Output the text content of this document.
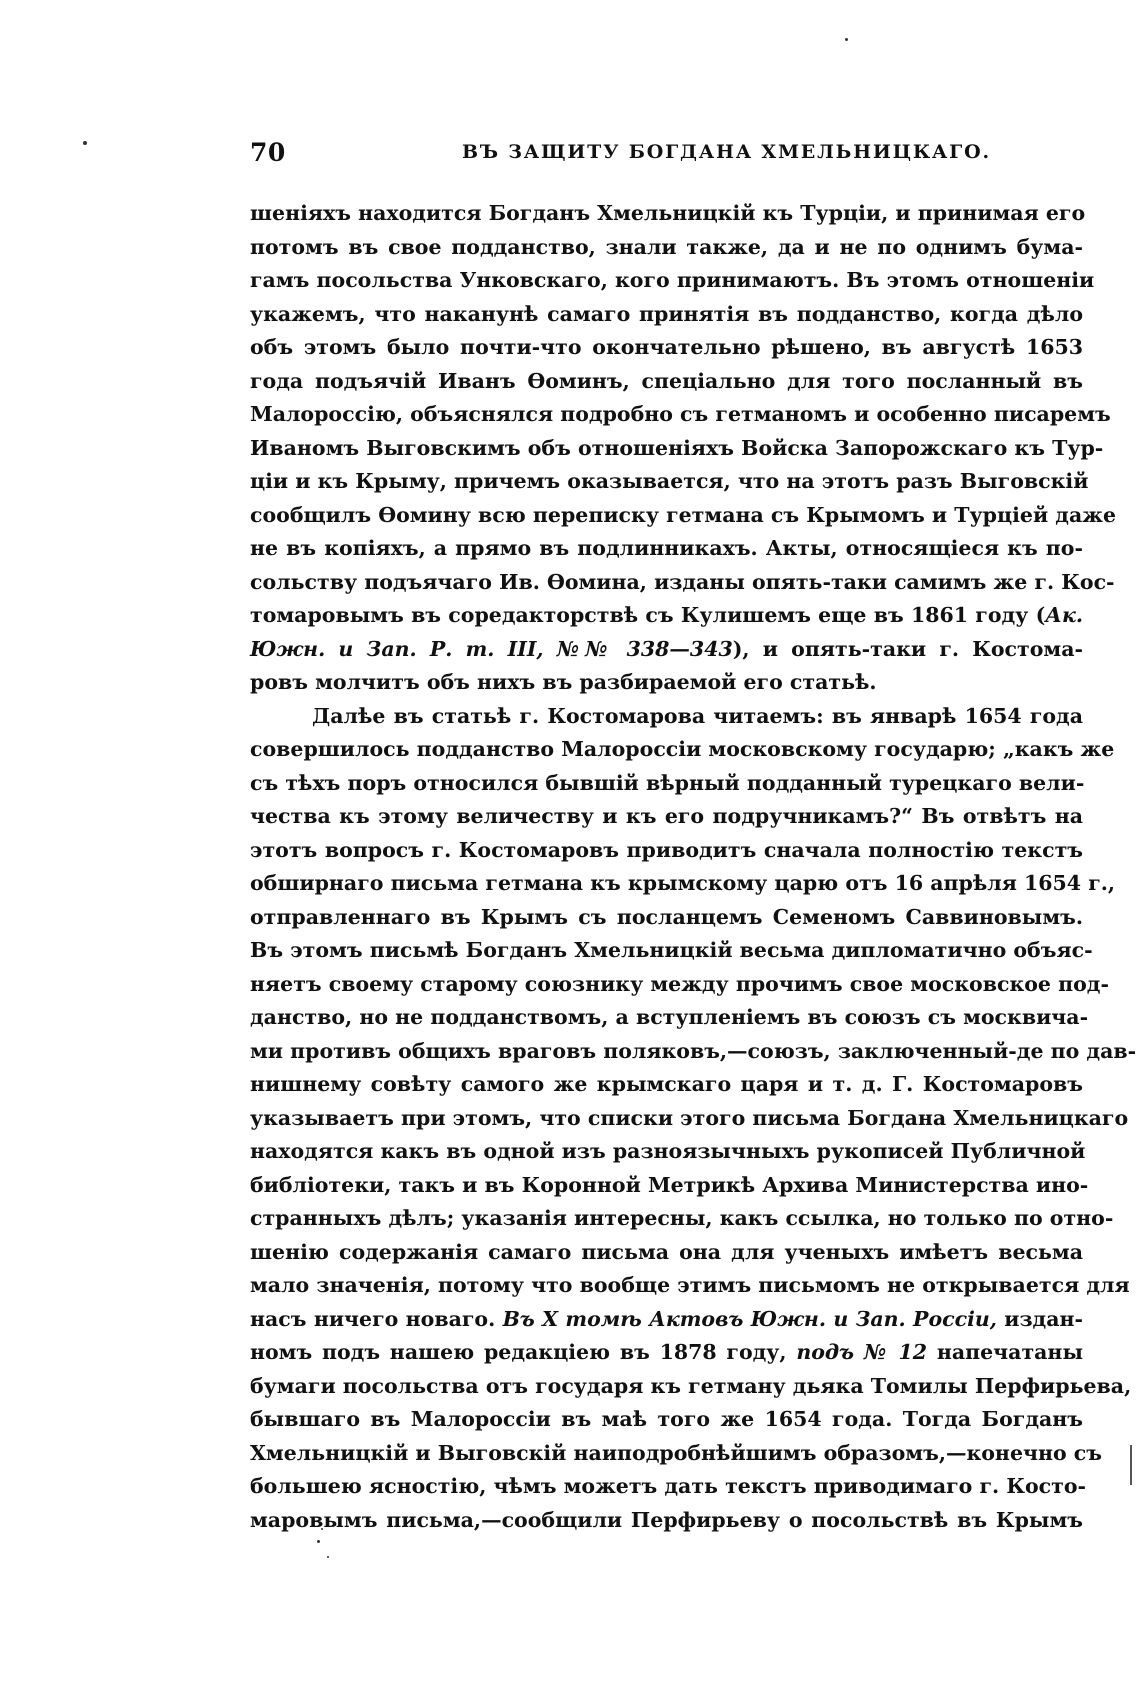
70	ВЪ ЗАЩИТУ БОГДАНА ХМЕЛЬНИЦКАГО.
шеніяхъ находится Богданъ Хмельницкій къ Турціи, и принимая его
потомъ въ свое подданство, знали также, да и не по однимъ бума-
гамъ посольства Унковскаго, кого принимаютъ. Въ этомъ отношеніи
укажемъ, что наканунѣ самаго принятія въ подданство, когда дѣло
объ этомъ было почти-что окончательно рѣшено, въ августѣ 1653
года подъячій Иванъ Ѳоминъ, спеціально для того посланный въ
Малороссію, объяснялся подробно съ гетманомъ и особенно писаремъ
Иваномъ Выговскимъ объ отношеніяхъ Войска Запорожскаго къ Тур-
ціи и къ Крыму, причемъ оказывается, что на этотъ разъ Выговскій
сообщилъ Ѳомину всю переписку гетмана съ Крымомъ и Турціей даже
не въ копіяхъ, а прямо въ подлинникахъ. Акты, относящіеся къ по-
сольству подъячаго Ив. Ѳомина, изданы опять-таки самимъ же г. Кос-
томаровымъ въ соредакторствѣ съ Кулишемъ еще въ 1861 году (Ак.
Южн. и Зап. Р. т. III, №№ 338—343), и опять-таки г. Костома-
ровъ молчитъ объ нихъ въ разбираемой его статьѣ.
Далѣе въ статьѣ г. Костомарова читаемъ: въ январѣ 1654 года
совершилось подданство Малороссіи московскому государю; „какъ же
съ тѣхъ поръ относился бывшій вѣрный подданный турецкаго вели-
чества къ этому величеству и къ его подручникамъ?“ Въ отвѣтъ на
этотъ вопросъ г. Костомаровъ приводитъ сначала полностію текстъ
обширнаго письма гетмана къ крымскому царю отъ 16 апрѣля 1654 г.,
отправленнаго въ Крымъ съ посланцемъ Семеномъ Саввиновымъ.
Въ этомъ письмѣ Богданъ Хмельницкій весьма дипломатично объяс-
няетъ своему старому союзнику между прочимъ свое московское под-
данство, но не подданствомъ, а вступленіемъ въ союзъ съ москвича-
ми противъ общихъ враговъ поляковъ,—союзъ, заключенный-де по дав-
нишнему совѣту самого же крымскаго царя и т. д. Г. Костомаровъ
указываетъ при этомъ, что списки этого письма Богдана Хмельницкаго
находятся какъ въ одной изъ разноязычныхъ рукописей Публичной
библіотеки, такъ и въ Коронной Метрикѣ Архива Министерства ино-
странныхъ дѣлъ; указанія интересны, какъ ссылка, но только по отно-
шенію содержанія самаго письма она для ученыхъ имѣетъ весьма
мало значенія, потому что вообще этимъ письмомъ не открывается для
насъ ничего новаго. Въ X томѣ Актовъ Южн. и Зап. Россіи, издан-
номъ подъ нашею редакціею въ 1878 году, подъ № 12 напечатаны
бумаги посольства отъ государя къ гетману дьяка Томилы Перфирьева,
бывшаго въ Малороссіи въ маѣ того же 1654 года. Тогда Богданъ
Хмельницкій и Выговскій наиподробнѣйшимъ образомъ,—конечно съ
большею ясностію, чѣмъ можетъ дать текстъ приводимаго г. Косто-
маровымъ письма,—сообщили Перфирьеву о посольствѣ въ Крымъ
